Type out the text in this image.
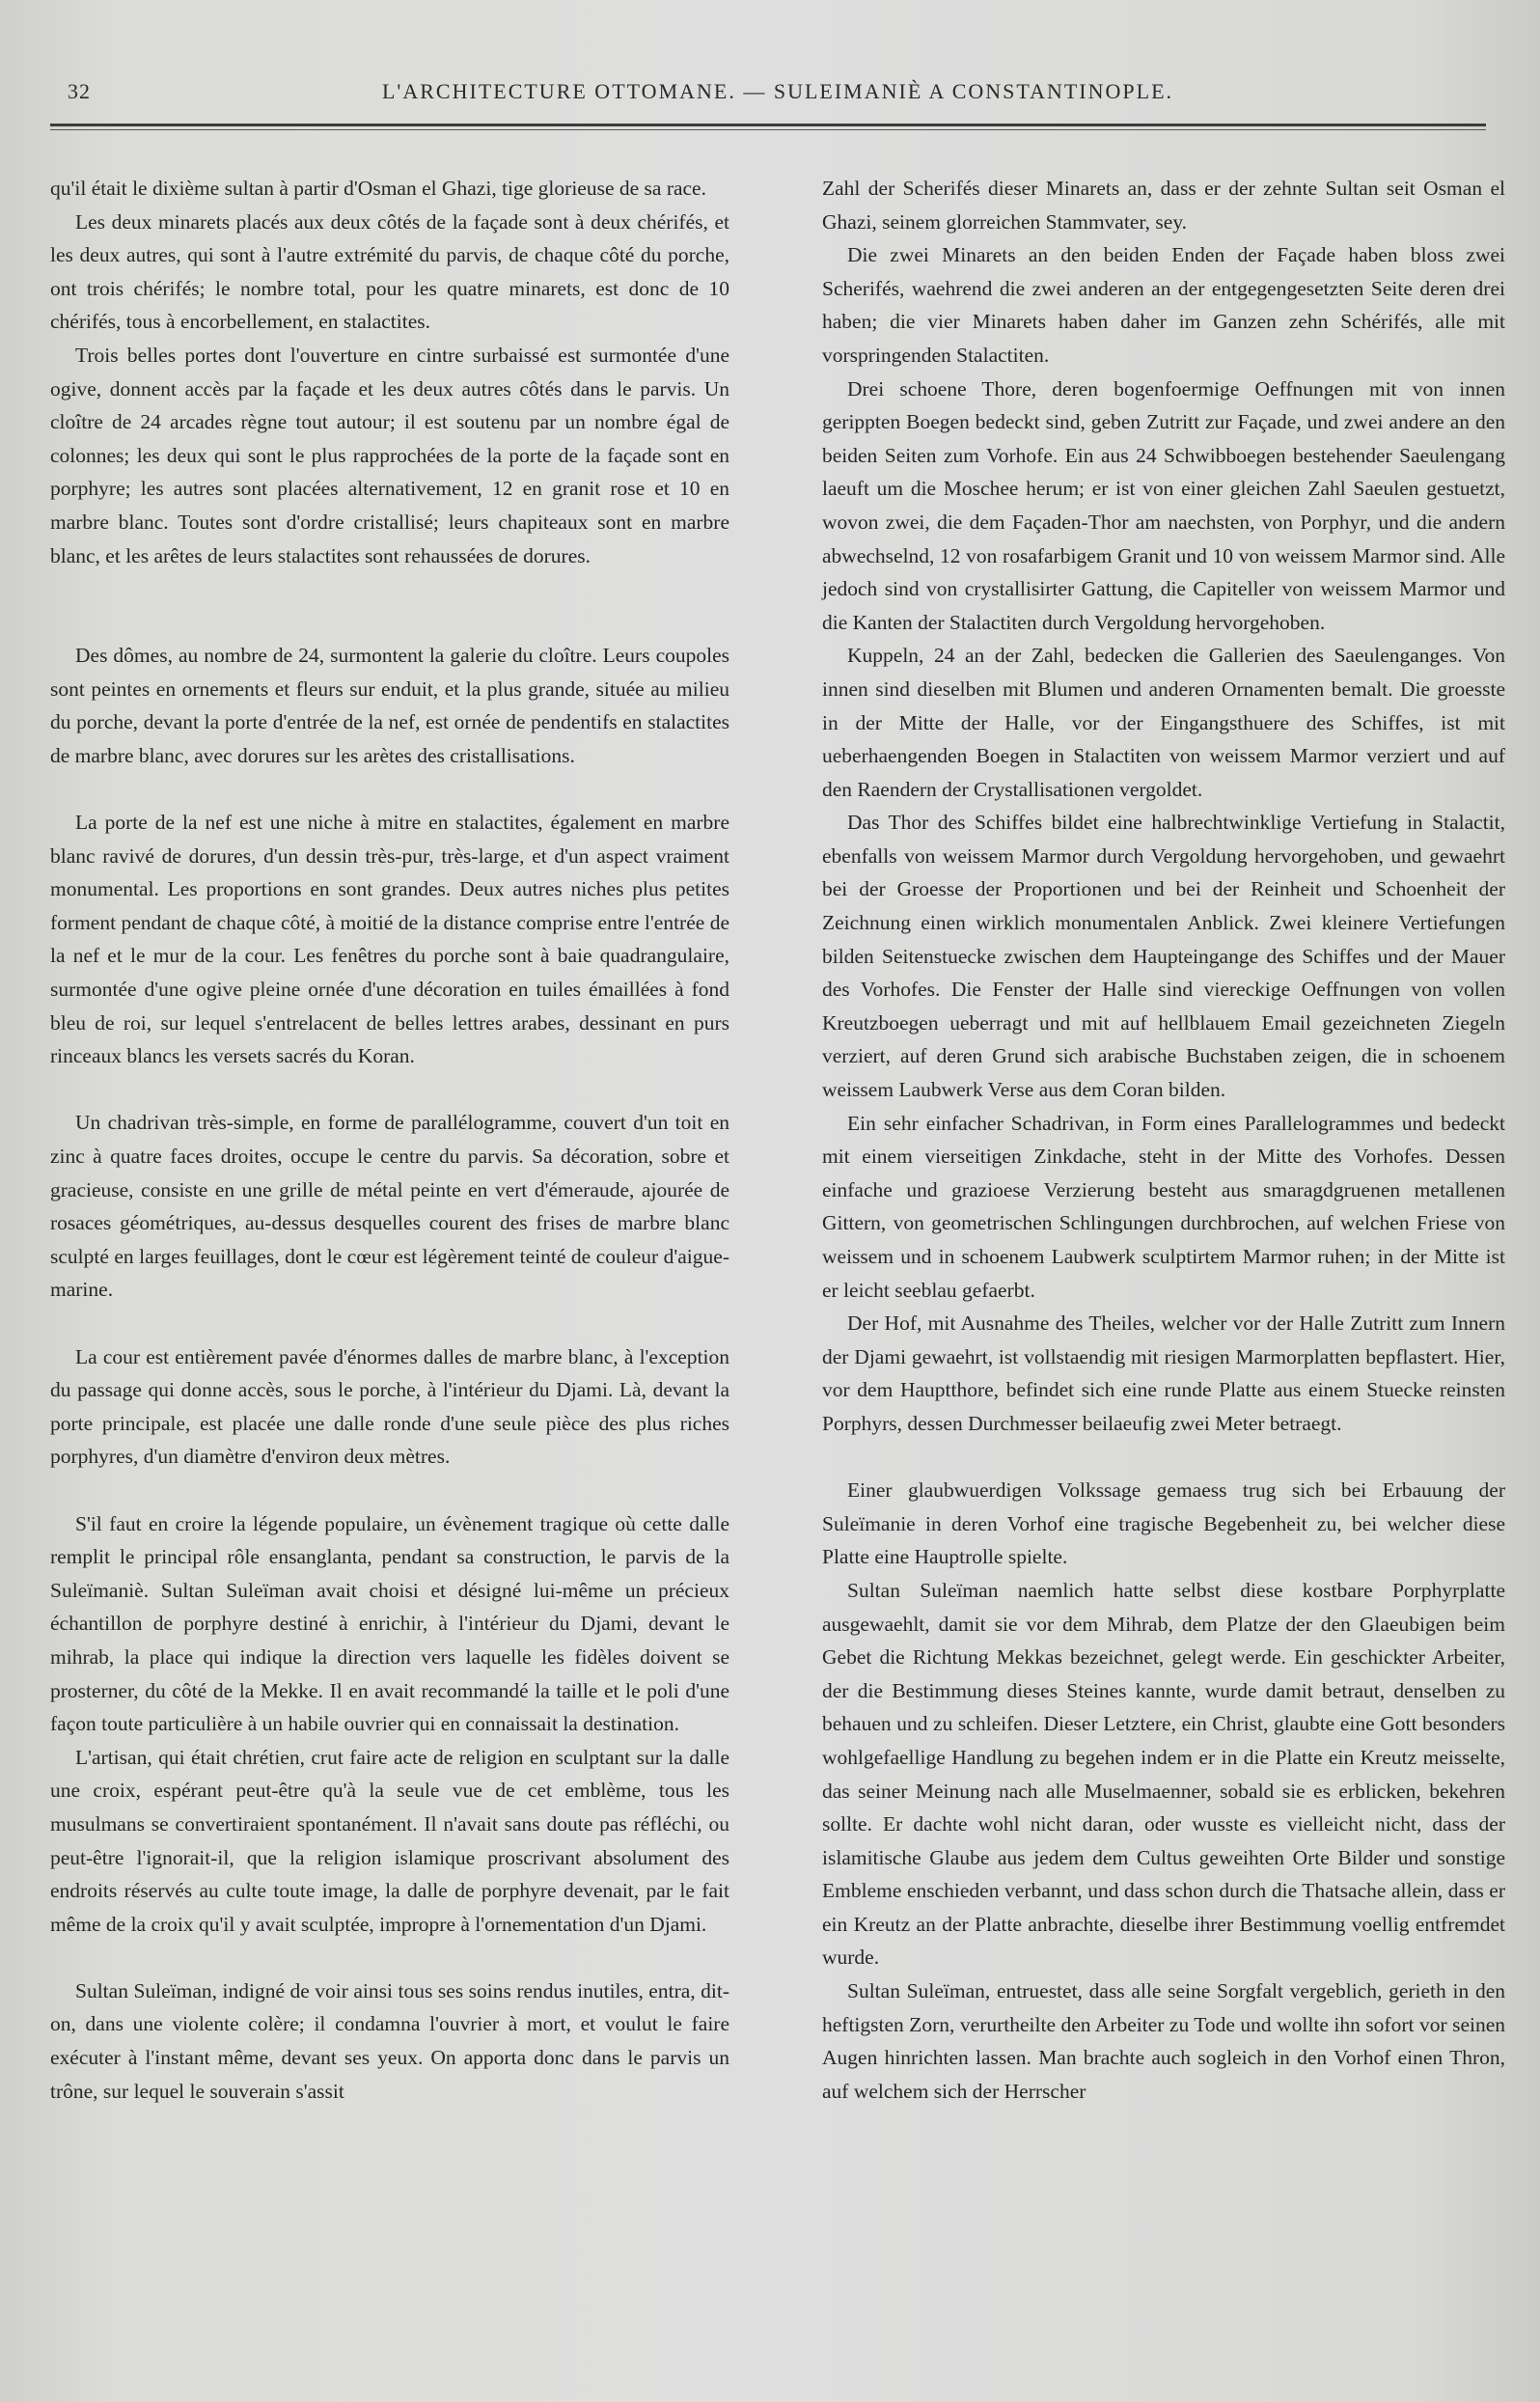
32	L'ARCHITECTURE OTTOMANE. — SULEIMANIÈ A CONSTANTINOPLE.

qu'il était le dixième sultan à partir d'Osman el Ghazi, tige glorieuse de sa race.

Les deux minarets placés aux deux côtés de la façade sont à deux chérifés, et les deux autres, qui sont à l'autre extrémité du parvis, de chaque côté du porche, ont trois chérifés; le nombre total, pour les quatre minarets, est donc de 10 chérifés, tous à encorbellement, en stalactites.

Trois belles portes dont l'ouverture en cintre surbaissé est surmontée d'une ogive, donnent accès par la façade et les deux autres côtés dans le parvis. Un cloître de 24 arcades règne tout autour; il est soutenu par un nombre égal de colonnes; les deux qui sont le plus rapprochées de la porte de la façade sont en porphyre; les autres sont placées alternativement, 12 en granit rose et 10 en marbre blanc. Toutes sont d'ordre cristallisé; leurs chapiteaux sont en marbre blanc, et les arêtes de leurs stalactites sont rehaussées de dorures.

Des dômes, au nombre de 24, surmontent la galerie du cloître. Leurs coupoles sont peintes en ornements et fleurs sur enduit, et la plus grande, située au milieu du porche, devant la porte d'entrée de la nef, est ornée de pendentifs en stalactites de marbre blanc, avec dorures sur les arètes des cristallisations.

La porte de la nef est une niche à mitre en stalactites, également en marbre blanc ravivé de dorures, d'un dessin très-pur, très-large, et d'un aspect vraiment monumental. Les proportions en sont grandes. Deux autres niches plus petites forment pendant de chaque côté, à moitié de la distance comprise entre l'entrée de la nef et le mur de la cour. Les fenêtres du porche sont à baie quadrangulaire, surmontée d'une ogive pleine ornée d'une décoration en tuiles émaillées à fond bleu de roi, sur lequel s'entrelacent de belles lettres arabes, dessinant en purs rinceaux blancs les versets sacrés du Koran.

Un chadrivan très-simple, en forme de parallélogramme, couvert d'un toit en zinc à quatre faces droites, occupe le centre du parvis. Sa décoration, sobre et gracieuse, consiste en une grille de métal peinte en vert d'émeraude, ajourée de rosaces géométriques, au-dessus desquelles courent des frises de marbre blanc sculpté en larges feuillages, dont le cœur est légèrement teinté de couleur d'aigue-marine.

La cour est entièrement pavée d'énormes dalles de marbre blanc, à l'exception du passage qui donne accès, sous le porche, à l'intérieur du Djami. Là, devant la porte principale, est placée une dalle ronde d'une seule pièce des plus riches porphyres, d'un diamètre d'environ deux mètres.

S'il faut en croire la légende populaire, un évènement tragique où cette dalle remplit le principal rôle ensanglanta, pendant sa construction, le parvis de la Suleïmaniè. Sultan Suleïman avait choisi et désigné lui-même un précieux échantillon de porphyre destiné à enrichir, à l'intérieur du Djami, devant le mihrab, la place qui indique la direction vers laquelle les fidèles doivent se prosterner, du côté de la Mekke. Il en avait recommandé la taille et le poli d'une façon toute particulière à un habile ouvrier qui en connaissait la destination.

L'artisan, qui était chrétien, crut faire acte de religion en sculptant sur la dalle une croix, espérant peut-être qu'à la seule vue de cet emblème, tous les musulmans se convertiraient spontanément. Il n'avait sans doute pas réfléchi, ou peut-être l'ignorait-il, que la religion islamique proscrivant absolument des endroits réservés au culte toute image, la dalle de porphyre devenait, par le fait même de la croix qu'il y avait sculptée, impropre à l'ornementation d'un Djami.

Sultan Suleïman, indigné de voir ainsi tous ses soins rendus inutiles, entra, dit-on, dans une violente colère; il condamna l'ouvrier à mort, et voulut le faire exécuter à l'instant même, devant ses yeux. On apporta donc dans le parvis un trône, sur lequel le souverain s'assit

Zahl der Scherifés dieser Minarets an, dass er der zehnte Sultan seit Osman el Ghazi, seinem glorreichen Stammvater, sey.

Die zwei Minarets an den beiden Enden der Façade haben bloss zwei Scherifés, waehrend die zwei anderen an der entgegengesetzten Seite deren drei haben; die vier Minarets haben daher im Ganzen zehn Schérifés, alle mit vorspringenden Stalactiten.

Drei schoene Thore, deren bogenfoermige Oeffnungen mit von innen gerippten Boegen bedeckt sind, geben Zutritt zur Façade, und zwei andere an den beiden Seiten zum Vorhofe. Ein aus 24 Schwibboegen bestehender Saeulengang laeuft um die Moschee herum; er ist von einer gleichen Zahl Saeulen gestuetzt, wovon zwei, die dem Façaden-Thor am naechsten, von Porphyr, und die andern abwechselnd, 12 von rosafarbigem Granit und 10 von weissem Marmor sind. Alle jedoch sind von crystallisirter Gattung, die Capiteller von weissem Marmor und die Kanten der Stalactiten durch Vergoldung hervorgehoben.

Kuppeln, 24 an der Zahl, bedecken die Gallerien des Saeulenganges. Von innen sind dieselben mit Blumen und anderen Ornamenten bemalt. Die groesste in der Mitte der Halle, vor der Eingangsthuere des Schiffes, ist mit ueberhaengenden Boegen in Stalactiten von weissem Marmor verziert und auf den Raendern der Crystallisationen vergoldet.

Das Thor des Schiffes bildet eine halbrechtwinklige Vertiefung in Stalactit, ebenfalls von weissem Marmor durch Vergoldung hervorgehoben, und gewaehrt bei der Groesse der Proportionen und bei der Reinheit und Schoenheit der Zeichnung einen wirklich monumentalen Anblick. Zwei kleinere Vertiefungen bilden Seitenstuecke zwischen dem Haupteingange des Schiffes und der Mauer des Vorhofes. Die Fenster der Halle sind viereckige Oeffnungen von vollen Kreutzboegen ueberragt und mit auf hellblauem Email gezeichneten Ziegeln verziert, auf deren Grund sich arabische Buchstaben zeigen, die in schoenem weissem Laubwerk Verse aus dem Coran bilden.

Ein sehr einfacher Schadrivan, in Form eines Parallelogrammes und bedeckt mit einem vierseitigen Zinkdache, steht in der Mitte des Vorhofes. Dessen einfache und grazioese Verzierung besteht aus smaragdgruenen metallenen Gittern, von geometrischen Schlingungen durchbrochen, auf welchen Friese von weissem und in schoenem Laubwerk sculptirtem Marmor ruhen; in der Mitte ist er leicht seeblau gefaerbt.

Der Hof, mit Ausnahme des Theiles, welcher vor der Halle Zutritt zum Innern der Djami gewaehrt, ist vollstaendig mit riesigen Marmorplatten bepflastert. Hier, vor dem Hauptthore, befindet sich eine runde Platte aus einem Stuecke reinsten Porphyrs, dessen Durchmesser beilaeufig zwei Meter betraegt.

Einer glaubwuerdigen Volkssage gemaess trug sich bei Erbauung der Suleïmanie in deren Vorhof eine tragische Begebenheit zu, bei welcher diese Platte eine Hauptrolle spielte.

Sultan Suleïman naemlich hatte selbst diese kostbare Porphyrplatte ausgewaehlt, damit sie vor dem Mihrab, dem Platze der den Glaeubigen beim Gebet die Richtung Mekkas bezeichnet, gelegt werde. Ein geschickter Arbeiter, der die Bestimmung dieses Steines kannte, wurde damit betraut, denselben zu behauen und zu schleifen. Dieser Letztere, ein Christ, glaubte eine Gott besonders wohlgefaellige Handlung zu begehen indem er in die Platte ein Kreutz meisselte, das seiner Meinung nach alle Muselmaenner, sobald sie es erblicken, bekehren sollte. Er dachte wohl nicht daran, oder wusste es vielleicht nicht, dass der islamitische Glaube aus jedem dem Cultus geweihten Orte Bilder und sonstige Embleme enschieden verbannt, und dass schon durch die Thatsache allein, dass er ein Kreutz an der Platte anbrachte, dieselbe ihrer Bestimmung voellig entfremdet wurde.

Sultan Suleïman, entruestet, dass alle seine Sorgfalt vergeblich, gerieth in den heftigsten Zorn, verurtheilte den Arbeiter zu Tode und wollte ihn sofort vor seinen Augen hinrichten lassen. Man brachte auch sogleich in den Vorhof einen Thron, auf welchem sich der Herrscher
